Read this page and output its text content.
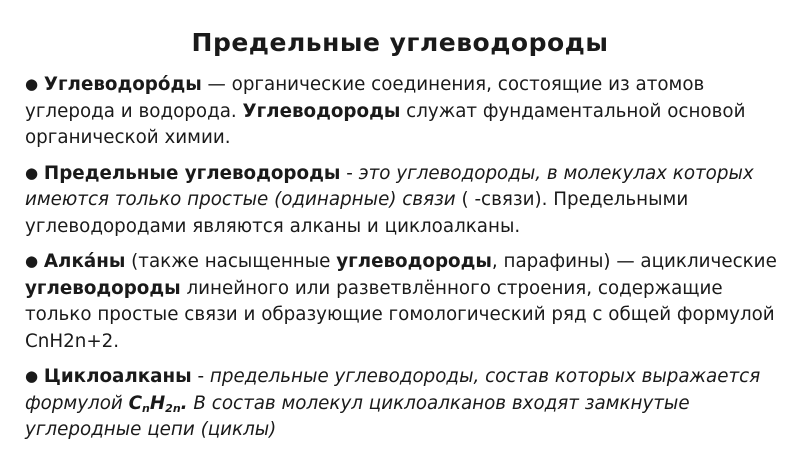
Предельные углеводороды

● Углеводоро́ды — органические соединения, состоящие из атомов углерода и водорода. Углеводороды служат фундаментальной основой органической химии.

● Предельные углеводороды - это углеводороды, в молекулах которых имеются только простые (одинарные) связи ( -связи). Предельными углеводородами являются алканы и циклоалканы.

● Алка́ны (также насыщенные углеводороды, парафины) — ациклические углеводороды линейного или разветвлённого строения, содержащие только простые связи и образующие гомологический ряд с общей формулой CnH2n+2.

● Циклоалканы - предельные углеводороды, состав которых выражается формулой $C_nH_{2n}$. В состав молекул циклоалканов входят замкнутые углеродные цепи (циклы)
